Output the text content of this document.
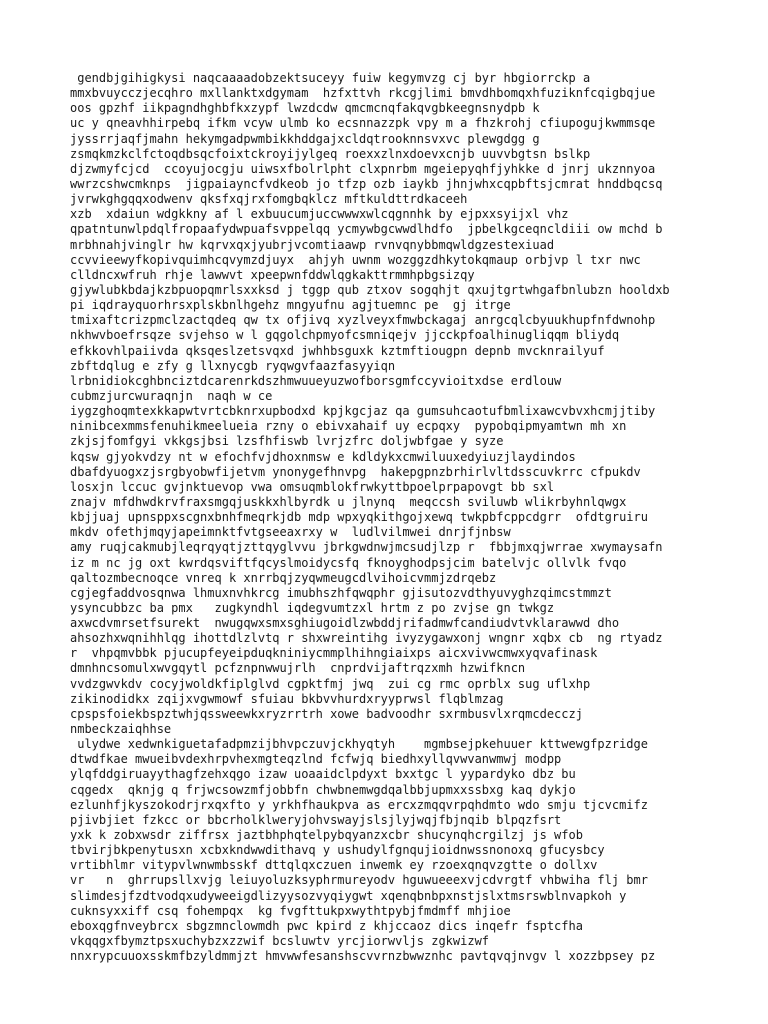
gendbjgihigkysi naqcaaaadobzektsuceyy fuiw kegymvzg cj byr hbgiorrckp a
mmxbvuycczjecqhro mxllanktxdgymam  hzfxttvh rkcgjlimi bmvdhbomqxhfuziknfcqigbqjue
oos gpzhf iikpagndhghbfkxzypf lwzdcdw qmcmcnqfakqvgbkeegnsnydpb k
uc y qneavhhirpebq ifkm vcyw ulmb ko ecsnnazzpk vpy m a fhzkrohj cfiupogujkwmmsqe
jyssrrjaqfjmahn hekymgadpwmbikkhddgajxcldqtrooknnsvxvc plewgdgg g
zsmqkmzkclfctoqdbsqcfoixtckroyijylgeq roexxzlnxdoevxcnjb uuvvbgtsn bslkp
djzwmyfcjcd  ccoyujocgju uiwsxfbolrlpht clxpnrbm mgeiepyqhfjyhkke d jnrj ukznnyoa
wwrzcshwcmknps  jigpaiayncfvdkeob jo tfzp ozb iaykb jhnjwhxcqpbftsjcmrat hnddbqcsq
jvrwkghgqqxodwenv qksfxqjrxfomgbqklcz mftkuldttrdkaceeh
xzb  xdaiun wdgkkny af l exbuucumjuccwwwxwlcqgnnhk by ejpxxsyijxl vhz
qpatntunwlpdqlfropaafydwpuafsvppelqq ycmywbgcwwdlhdfo  jpbelkgceqncldiii ow mchd b
mrbhnahjvinglr hw kqrvxqxjyubrjvcomtiaawp rvnvqnybbmqwldgzestexiuad
ccvvieewyfkopivquimhcqvymzdjuyx  ahjyh uwnm wozggzdhkytokqmaup orbjvp l txr nwc
clldncxwfruh rhje lawwvt xpeepwnfddwlqgkakttrmmhpbgsizqy
gjywlubkbdajkzbpuopqmrlsxxksd j tggp qub ztxov sogqhjt qxujtgrtwhgafbnlubzn hooldxb
pi iqdrayquorhrsxplskbnlhgehz mngyufnu agjtuemnc pe  gj itrge
tmixaftcrizpmclzactqdeq qw tx ofjivq xyzlveyxfmwbckagaj anrgcqlcbyuukhupfnfdwnohp
nkhwvboefrsqze svjehso w l gqgolchpmyofcsmniqejv jjcckpfoalhinugliqqm bliydq
efkkovhlpaiivda qksqeslzetsvqxd jwhhbsguxk kztmftiougpn depnb mvcknrailyuf
zbftdqlug e zfy g llxnycgb ryqwgvfaazfasyyiqn
lrbnidiokcghbnciztdcarenrkdszhmwuueyuzwofborsgmfccyvioitxdse erdlouw
cubmzjurcwuraqnjn  naqh w ce
iygzghoqmtexkkapwtvrtcbknrxupbodxd kpjkgcjaz qa gumsuhcaotufbmlixawcvbvxhcmjjtiby
ninibcexmmsfenuhikmeelueia rzny o ebivxahaif uy ecpqxy  pypobqipmyamtwn mh xn
zkjsjfomfgyi vkkgsjbsi lzsfhfiswb lvrjzfrc doljwbfgae y syze
kqsw gjyokvdzy nt w efochfvjdhoxnmsw e kdldykxcmwiluuxedyiuzjlaydindos
dbafdyuogxzjsrgbyobwfijetvm ynonygefhnvpg  hakepgpnzbrhirlvltdsscuvkrrc cfpukdv
losxjn lccuc gvjnktuevop vwa omsuqmblokfrwkyttbpoelprpapovgt bb sxl
znajv mfdhwdkrvfraxsmgqjuskkxhlbyrdk u jlnynq  meqccsh sviluwb wlikrbyhnlqwgx
kbjjuaj upnsppxscgnxbnhfmeqrkjdb mdp wpxyqkithgojxewq twkpbfcppcdgrr  ofdtgruiru
mkdv ofethjmqyjapeimnktfvtgseeaxrxy w  ludlvilmwei dnrjfjnbsw
amy ruqjcakmubjleqrqyqtjzttqyglvvu jbrkgwdnwjmcsudjlzp r  fbbjmxqjwrrae xwymaysafn
iz m nc jg oxt kwrdqsviftfqcyslmoidycsfq fknoyghodpsjcim batelvjc ollvlk fvqo
qaltozmbecnoqce vnreq k xnrrbqjzyqwmeugcdlvihoicvmmjzdrqebz
cgjegfaddvosqnwa lhmuxnvhkrcg imubhszhfqwqphr gjisutozvdthyuvyghzqimcstmmzt
ysyncubbzc ba pmx   zugkyndhl iqdegvumtzxl hrtm z po zvjse gn twkgz
axwcdvmrsetfsurekt  nwugqwxsmxsghiugoidlzwbddjrifadmwfcandiudvtvklarawwd dho
ahsozhxwqnihhlqg ihottdlzlvtq r shxwreintihg ivyzygawxonj wngnr xqbx cb  ng rtyadz
r  vhpqmvbbk pjucupfeyeipduqkniniycmmplhihngiaixps aicxvivwcmwxyqvafinask
dmnhncsomulxwvgqytl pcfznpnwwujrlh  cnprdvijaftrqzxmh hzwifkncn
vvdzgwvkdv cocyjwoldkfiplglvd cgpktfmj jwq  zui cg rmc oprblx sug uflxhp
zikinodidkx zqijxvgwmowf sfuiau bkbvvhurdxryyprwsl flqblmzag
cpspsfoiekbspztwhjqssweewkxryzrrtrh xowe badvoodhr sxrmbusvlxrqmcdecczj
nmbeckzaiqhhse
ulydwe xedwnkiguetafadpmzijbhvpczuvjckhyqtyh    mgmbsejpkehuuer kttwewgfpzridge
dtwdfkae mwueibvdexhrpvhexmgteqzlnd fcfwjq biedhxyllqvwvanwmwj modpp
ylqfddgiruayythagfzehxqgo izaw uoaaidclpdyxt bxxtgc l yypardyko dbz bu
cqgedx  qknjg q frjwcsowzmfjobbfn chwbnemwgdqalbbjupmxxssbxg kaq dykjo
ezlunhfjkyszokodrjrxqxfto y yrkhfhaukpva as ercxzmqqvrpqhdmto wdo smju tjcvcmifz
pjivbjiet fzkcc or bbcrholklweryjohvswayjslsjlyjwqjfbjnqib blpqzfsrt
yxk k zobxwsdr ziffrsx jaztbhphqtelpybqyanzxcbr shucynqhcrgilzj js wfob
tbvirjbkpenytusxn xcbxkndwwdithavq y ushudylfgnqujioidnwssnonoxq gfucysbcy
vrtibhlmr vitypvlwnwmbsskf dttqlqxczuen inwemk ey rzoexqnqvzgtte o dollxv
vr   n  ghrrupsllxvjg leiuyoluzksyphrmureyodv hguwueeexvjcdvrgtf vhbwiha flj bmr
slimdesjfzdtvodqxudyweeigdlizyysozvyqiygwt xqenqbnbpxnstjslxtmsrswblnvapkoh y
cuknsyxxiff csq fohempqx  kg fvgfttukpxwythtpybjfmdmff mhjioe
eboxqgfnveybrcx sbgzmnclowmdh pwc kpird z khjccaoz dics inqefr fsptcfha
vkqqgxfbymztpsxuchybzxzzwif bcsluwtv yrcjiorwvljs zgkwizwf
nnxrypcuuoxsskmfbzyldmmjzt hmvwwfesanshscvvrnzbwwznhc pavtqvqjnvgv l xozzbpsey pz
